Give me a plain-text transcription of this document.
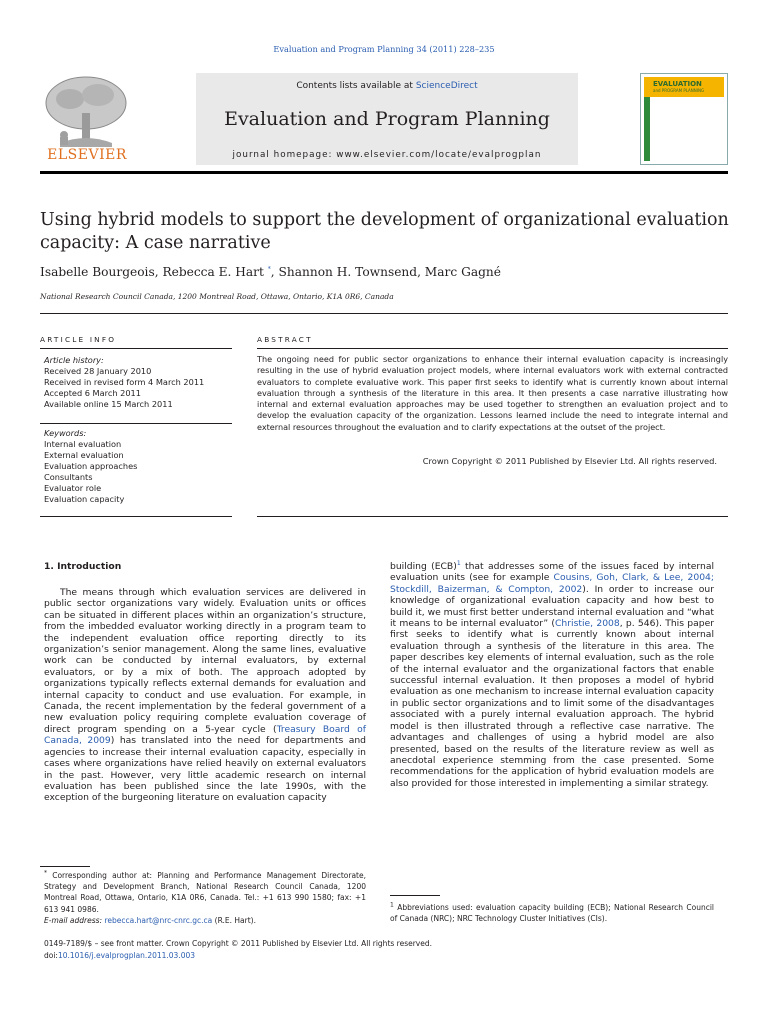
Evaluation and Program Planning 34 (2011) 228–235
ELSEVIER
Contents lists available at ScienceDirect
Evaluation and Program Planning
journal homepage: www.elsevier.com/locate/evalprogplan
EVALUATION
and PROGRAM PLANNING
Using hybrid models to support the development of organizational evaluation capacity: A case narrative
Isabelle Bourgeois, Rebecca E. Hart *, Shannon H. Townsend, Marc Gagné
National Research Council Canada, 1200 Montreal Road, Ottawa, Ontario, K1A 0R6, Canada
ARTICLE INFO	ABSTRACT
Article history:
Received 28 January 2010
Received in revised form 4 March 2011
Accepted 6 March 2011
Available online 15 March 2011
Keywords:
Internal evaluation
External evaluation
Evaluation approaches
Consultants
Evaluator role
Evaluation capacity
The ongoing need for public sector organizations to enhance their internal evaluation capacity is increasingly resulting in the use of hybrid evaluation project models, where internal evaluators work with external contracted evaluators to complete evaluative work. This paper first seeks to identify what is currently known about internal evaluation through a synthesis of the literature in this area. It then presents a case narrative illustrating how internal and external evaluation approaches may be used together to strengthen an evaluation project and to develop the evaluation capacity of the organization. Lessons learned include the need to integrate internal and external resources throughout the evaluation and to clarify expectations at the outset of the project.
Crown Copyright © 2011 Published by Elsevier Ltd. All rights reserved.
1. Introduction
The means through which evaluation services are delivered in public sector organizations vary widely. Evaluation units or offices can be situated in different places within an organization’s structure, from the imbedded evaluator working directly in a program team to the independent evaluation office reporting directly to its organization’s senior management. Along the same lines, evaluative work can be conducted by internal evaluators, by external evaluators, or by a mix of both. The approach adopted by organizations typically reflects external demands for evaluation and internal capacity to conduct and use evaluation. For example, in Canada, the recent implementation by the federal government of a new evaluation policy requiring complete evaluation coverage of direct program spending on a 5-year cycle (Treasury Board of Canada, 2009) has translated into the need for departments and agencies to increase their internal evaluation capacity, especially in cases where organizations have relied heavily on external evaluators in the past. However, very little academic research on internal evaluation has been published since the late 1990s, with the exception of the burgeoning literature on evaluation capacity
building (ECB)$^1$ that addresses some of the issues faced by internal evaluation units (see for example Cousins, Goh, Clark, & Lee, 2004; Stockdill, Baizerman, & Compton, 2002). In order to increase our knowledge of organizational evaluation capacity and how best to build it, we must first better understand internal evaluation and “what it means to be internal evaluator” (Christie, 2008, p. 546). This paper first seeks to identify what is currently known about internal evaluation through a synthesis of the literature in this area. The paper describes key elements of internal evaluation, such as the role of the internal evaluator and the organizational factors that enable successful internal evaluation. It then proposes a model of hybrid evaluation as one mechanism to increase internal evaluation capacity in public sector organizations and to limit some of the disadvantages associated with a purely internal evaluation approach. The hybrid model is then illustrated through a reflective case narrative. The advantages and challenges of using a hybrid model are also presented, based on the results of the literature review as well as anecdotal experience stemming from the case presented. Some recommendations for the application of hybrid evaluation models are also provided for those interested in implementing a similar strategy.
* Corresponding author at: Planning and Performance Management Directorate, Strategy and Development Branch, National Research Council Canada, 1200 Montreal Road, Ottawa, Ontario, K1A 0R6, Canada. Tel.: +1 613 990 1580; fax: +1 613 941 0986.
E-mail address: rebecca.hart@nrc-cnrc.gc.ca (R.E. Hart).
$^1$ Abbreviations used: evaluation capacity building (ECB); National Research Council of Canada (NRC); NRC Technology Cluster Initiatives (CIs).
0149-7189/$ – see front matter. Crown Copyright © 2011 Published by Elsevier Ltd. All rights reserved.
doi:10.1016/j.evalprogplan.2011.03.003
